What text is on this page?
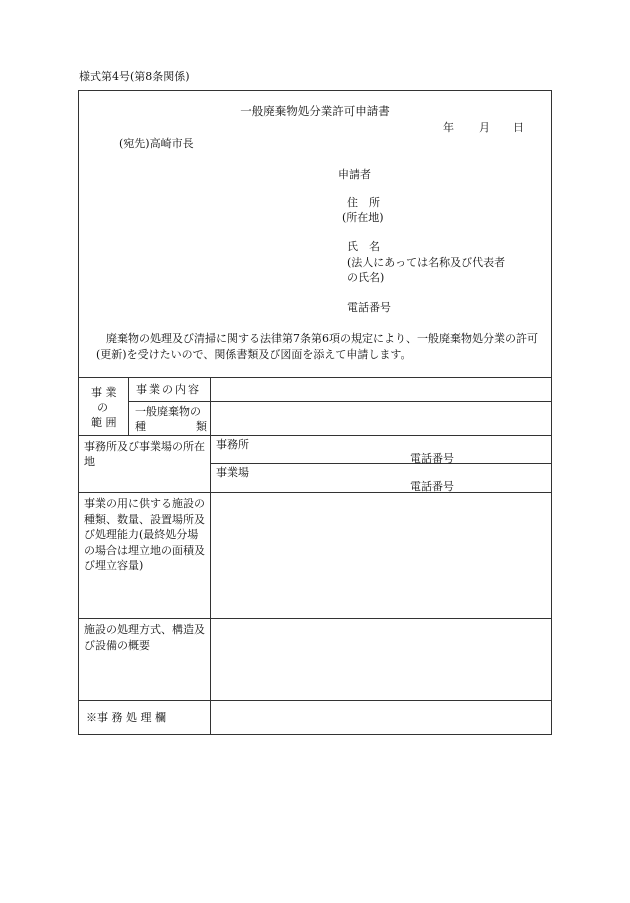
様式第4号(第8条関係)
一般廃棄物処分業許可申請書
年 月 日
(宛先)高崎市長
申請者
住　所
(所在地)
氏　名
(法人にあっては名称及び代表者
の氏名)
電話番号
廃棄物の処理及び清掃に関する法律第7条第6項の規定により、一般廃棄物処分業の許可(更新)を受けたいので、関係書類及び図面を添えて申請します。
事 業
の
範 囲
事業の内容
一般廃棄物の
種	類
事務所及び事業場の所在地
事務所
電話番号
事業場
電話番号
事業の用に供する施設の種類、数量、設置場所及び処理能力(最終処分場の場合は埋立地の面積及び埋立容量)
施設の処理方式、構造及び設備の概要
※事 務 処 理 欄
